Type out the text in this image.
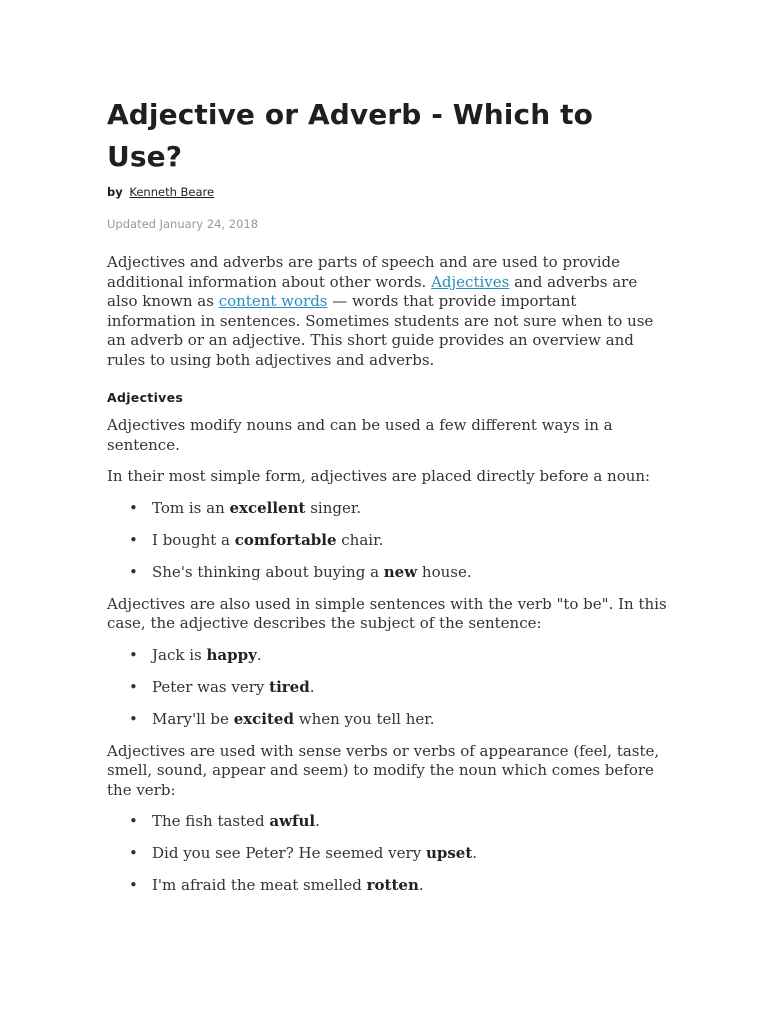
Adjective or Adverb - Which to Use?
by Kenneth Beare
Updated January 24, 2018

Adjectives and adverbs are parts of speech and are used to provide additional information about other words. Adjectives and adverbs are also known as content words — words that provide important information in sentences. Sometimes students are not sure when to use an adverb or an adjective. This short guide provides an overview and rules to using both adjectives and adverbs.

Adjectives

Adjectives modify nouns and can be used a few different ways in a sentence.

In their most simple form, adjectives are placed directly before a noun:

• Tom is an excellent singer.
• I bought a comfortable chair.
• She's thinking about buying a new house.

Adjectives are also used in simple sentences with the verb "to be". In this case, the adjective describes the subject of the sentence:

• Jack is happy.
• Peter was very tired.
• Mary'll be excited when you tell her.

Adjectives are used with sense verbs or verbs of appearance (feel, taste, smell, sound, appear and seem) to modify the noun which comes before the verb:

• The fish tasted awful.
• Did you see Peter? He seemed very upset.
• I'm afraid the meat smelled rotten.
